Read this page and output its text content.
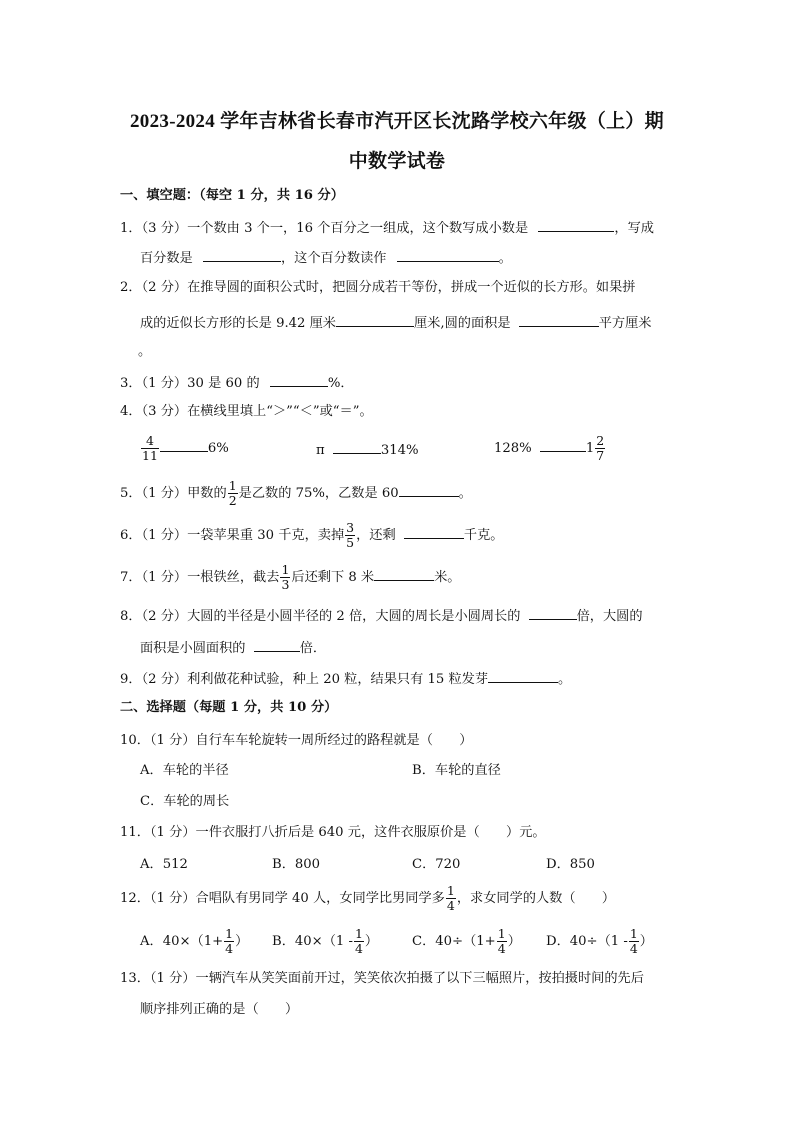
2023-2024 学年吉林省长春市汽开区长沈路学校六年级（上）期
中数学试卷
一、填空题：（每空 1 分，共 16 分）
1．（3 分）一个数由 3 个一，16 个百分之一组成，这个数写成小数是	，写成
百分数是	，这个百分数读作	。
2．（2 分）在推导圆的面积公式时，把圆分成若干等份，拼成一个近似的长方形。如果拼
成的近似长方形的长是 9.42 厘米	厘米,圆的面积是	平方厘米
。
3．（1 分）30 是 60 的	%．
4．（3 分）在横线里填上“＞”“＜”或“＝”。
$\frac{4}{11}$	6%	π	314%	128%	$1 \frac{2}{7}$
5．（1 分）甲数的 $\frac{1}{2}$ 是乙数的 75%，乙数是 60	。
6．（1 分）一袋苹果重 30 千克，卖掉 $\frac{3}{5}$ ，还剩	千克。
7．（1 分）一根铁丝，截去 $\frac{1}{3}$ 后还剩下 8 米	米。
8．（2 分）大圆的半径是小圆半径的 2 倍，大圆的周长是小圆周长的	倍，大圆的
面积是小圆面积的	倍．
9．（2 分）利利做花种试验，种上 20 粒，结果只有 15 粒发芽	。
二、选择题（每题 1 分，共 10 分）
10．（1 分）自行车车轮旋转一周所经过的路程就是（　　）
A．车轮的半径	B．车轮的直径
C．车轮的周长
11．（1 分）一件衣服打八折后是 640 元，这件衣服原价是（　　）元。
A．512	B．800	C．720	D．850
12．（1 分）合唱队有男同学 40 人，女同学比男同学多 $\frac{1}{4}$ ，求女同学的人数（　　）
A．$40\times(1+ \frac{1}{4}$ ） B．$40\times(1 - \frac{1}{4}$ ）	C．$40\div(1+ \frac{1}{4}$ ） D．$40\div(1 - \frac{1}{4}$ ）
13．（1 分）一辆汽车从笑笑面前开过，笑笑依次拍摄了以下三幅照片，按拍摄时间的先后
顺序排列正确的是（　　）
